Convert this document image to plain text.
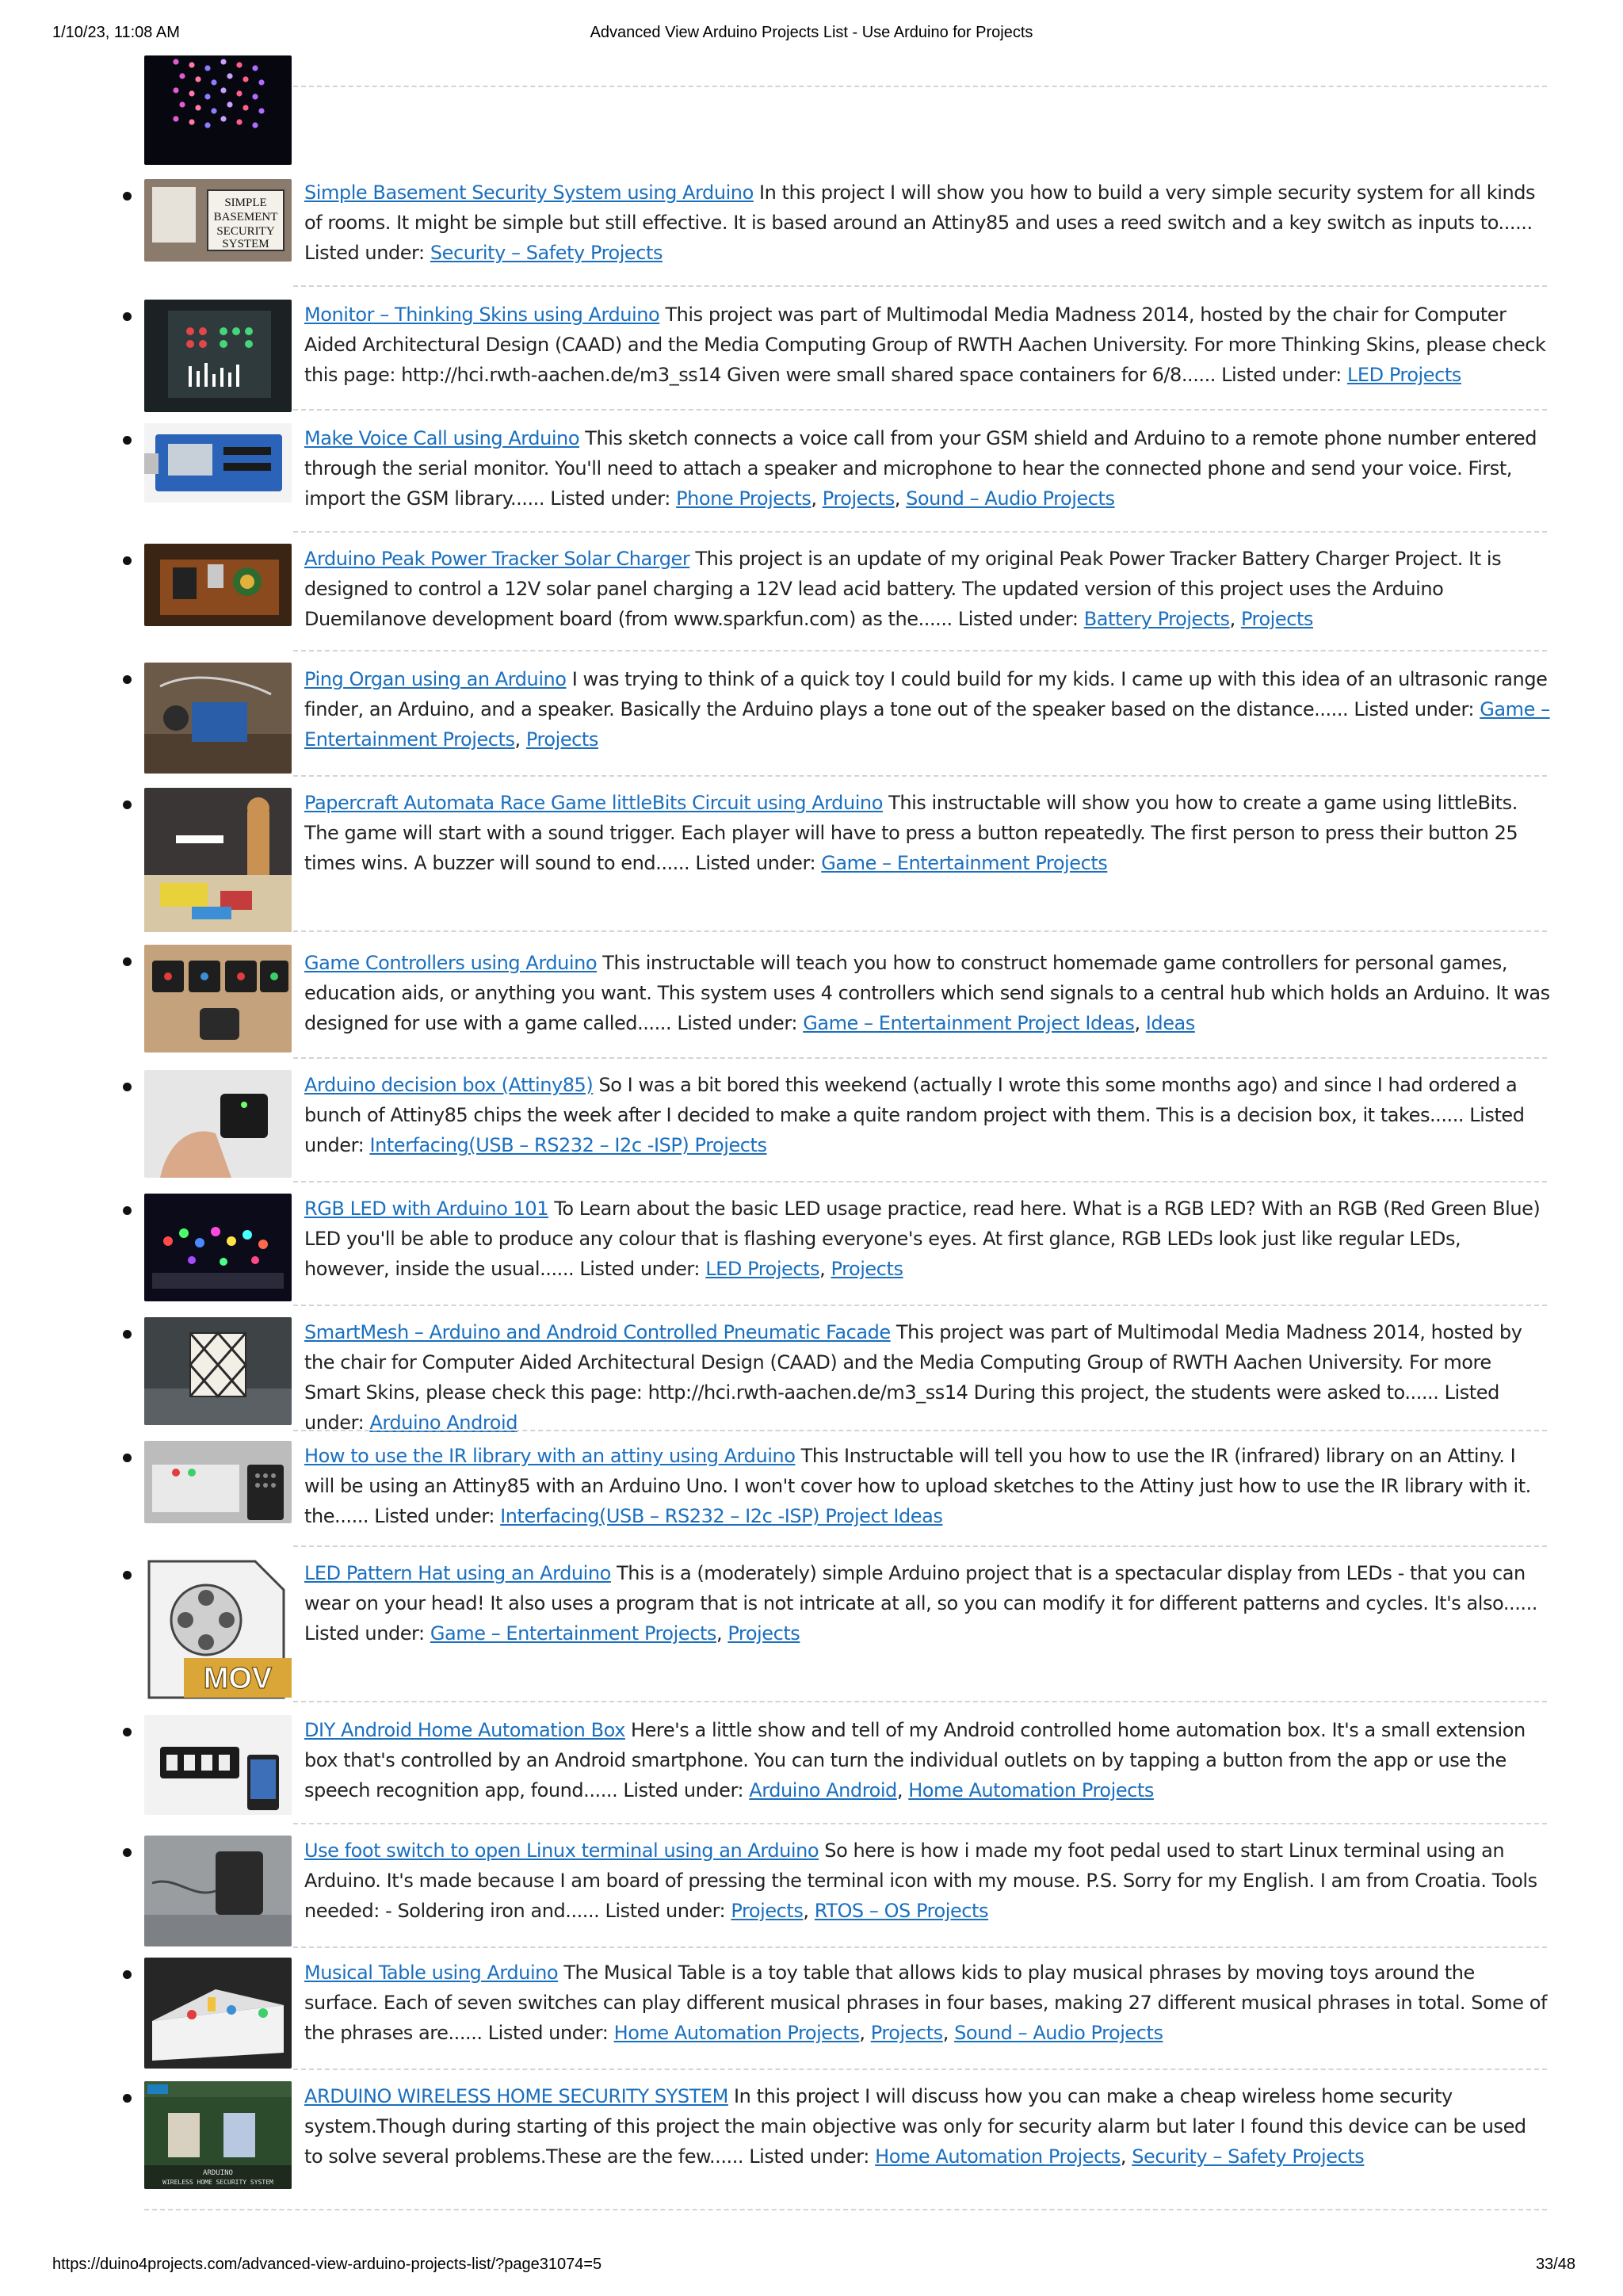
1/10/23, 11:08 AM	Advanced View Arduino Projects List - Use Arduino for Projects
SIMPLE
BASEMENT
SECURITY
SYSTEM
Simple Basement Security System using Arduino In this project I will show you how to build a very simple security system for all kinds of rooms. It might be simple but still effective. It is based around an Attiny85 and uses a reed switch and a key switch as inputs to...... Listed under: Security – Safety Projects
Monitor – Thinking Skins using Arduino This project was part of Multimodal Media Madness 2014, hosted by the chair for Computer Aided Architectural Design (CAAD) and the Media Computing Group of RWTH Aachen University. For more Thinking Skins, please check this page: http://hci.rwth-aachen.de/m3_ss14 Given were small shared space containers for 6/8...... Listed under: LED Projects
Make Voice Call using Arduino This sketch connects a voice call from your GSM shield and Arduino to a remote phone number entered through the serial monitor. You'll need to attach a speaker and microphone to hear the connected phone and send your voice. First, import the GSM library...... Listed under: Phone Projects, Projects, Sound – Audio Projects
Arduino Peak Power Tracker Solar Charger This project is an update of my original Peak Power Tracker Battery Charger Project. It is designed to control a 12V solar panel charging a 12V lead acid battery. The updated version of this project uses the Arduino Duemilanove development board (from www.sparkfun.com) as the...... Listed under: Battery Projects, Projects
Ping Organ using an Arduino I was trying to think of a quick toy I could build for my kids. I came up with this idea of an ultrasonic range finder, an Arduino, and a speaker. Basically the Arduino plays a tone out of the speaker based on the distance...... Listed under: Game – Entertainment Projects, Projects
Papercraft Automata Race Game littleBits Circuit using Arduino This instructable will show you how to create a game using littleBits. The game will start with a sound trigger. Each player will have to press a button repeatedly. The first person to press their button 25 times wins. A buzzer will sound to end...... Listed under: Game – Entertainment Projects
Game Controllers using Arduino This instructable will teach you how to construct homemade game controllers for personal games, education aids, or anything you want. This system uses 4 controllers which send signals to a central hub which holds an Arduino. It was designed for use with a game called...... Listed under: Game – Entertainment Project Ideas, Ideas
Arduino decision box (Attiny85) So I was a bit bored this weekend (actually I wrote this some months ago) and since I had ordered a bunch of Attiny85 chips the week after I decided to make a quite random project with them. This is a decision box, it takes...... Listed under: Interfacing(USB – RS232 – I2c -ISP) Projects
RGB LED with Arduino 101 To Learn about the basic LED usage practice, read here. What is a RGB LED? With an RGB (Red Green Blue) LED you'll be able to produce any colour that is flashing everyone's eyes. At first glance, RGB LEDs look just like regular LEDs, however, inside the usual...... Listed under: LED Projects, Projects
SmartMesh – Arduino and Android Controlled Pneumatic Facade This project was part of Multimodal Media Madness 2014, hosted by the chair for Computer Aided Architectural Design (CAAD) and the Media Computing Group of RWTH Aachen University. For more Smart Skins, please check this page: http://hci.rwth-aachen.de/m3_ss14 During this project, the students were asked to...... Listed under: Arduino Android
How to use the IR library with an attiny using Arduino This Instructable will tell you how to use the IR (infrared) library on an Attiny. I will be using an Attiny85 with an Arduino Uno. I won't cover how to upload sketches to the Attiny just how to use the IR library with it. the...... Listed under: Interfacing(USB – RS232 – I2c -ISP) Project Ideas
MOV
LED Pattern Hat using an Arduino This is a (moderately) simple Arduino project that is a spectacular display from LEDs - that you can wear on your head! It also uses a program that is not intricate at all, so you can modify it for different patterns and cycles. It's also...... Listed under: Game – Entertainment Projects, Projects
DIY Android Home Automation Box Here's a little show and tell of my Android controlled home automation box. It's a small extension box that's controlled by an Android smartphone. You can turn the individual outlets on by tapping a button from the app or use the speech recognition app, found...... Listed under: Arduino Android, Home Automation Projects
Use foot switch to open Linux terminal using an Arduino So here is how i made my foot pedal used to start Linux terminal using an Arduino. It's made because I am board of pressing the terminal icon with my mouse. P.S. Sorry for my English. I am from Croatia. Tools needed: - Soldering iron and...... Listed under: Projects, RTOS – OS Projects
Musical Table using Arduino The Musical Table is a toy table that allows kids to play musical phrases by moving toys around the surface. Each of seven switches can play different musical phrases in four bases, making 27 different musical phrases in total. Some of the phrases are...... Listed under: Home Automation Projects, Projects, Sound – Audio Projects
ARDUINO
WIRELESS HOME SECURITY SYSTEM
ARDUINO WIRELESS HOME SECURITY SYSTEM In this project I will discuss how you can make a cheap wireless home security system.Though during starting of this project the main objective was only for security alarm but later I found this device can be used to solve several problems.These are the few...... Listed under: Home Automation Projects, Security – Safety Projects
https://duino4projects.com/advanced-view-arduino-projects-list/?page31074=5	33/48
